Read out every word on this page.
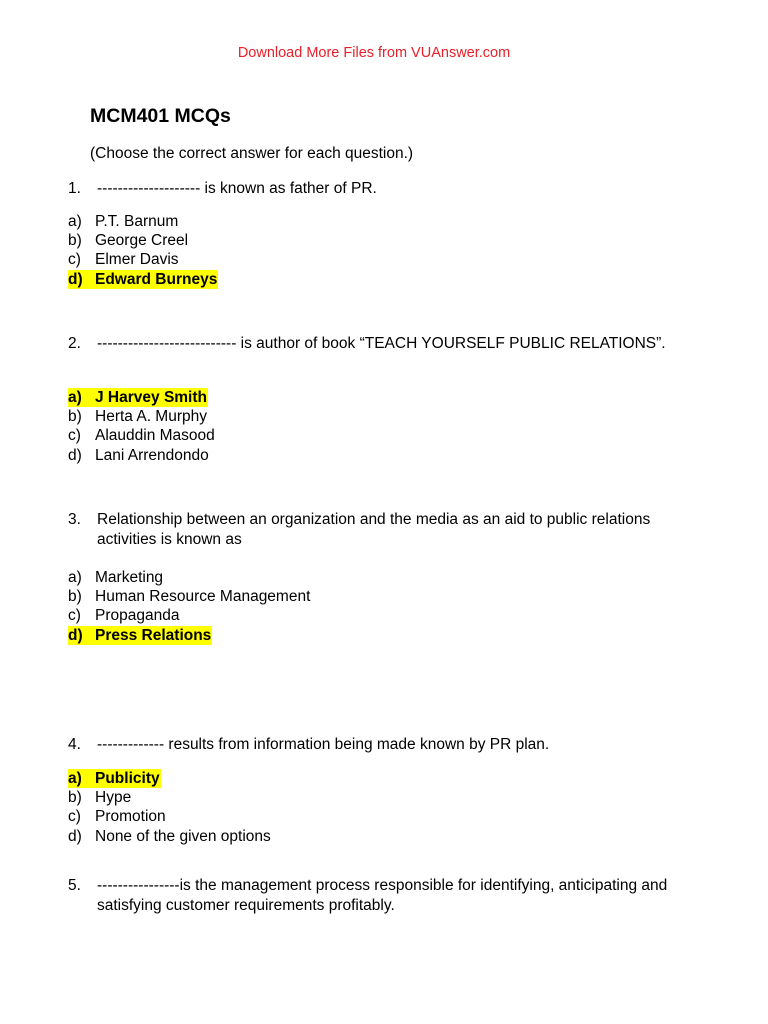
Download More Files from VUAnswer.com
MCM401 MCQs
(Choose the correct answer for each question.)
1.	-------------------- is known as father of PR.
a) P.T. Barnum
b) George Creel
c) Elmer Davis
d) Edward Burneys
2.	--------------------------- is author of book “TEACH YOURSELF PUBLIC RELATIONS”.
a) J Harvey Smith
b) Herta A. Murphy
c) Alauddin Masood
d) Lani Arrendondo
3.	Relationship between an organization and the media as an aid to public relations activities is known as
a) Marketing
b) Human Resource Management
c) Propaganda
d) Press Relations
4.	------------- results from information being made known by PR plan.
a) Publicity
b) Hype
c) Promotion
d) None of the given options
5.	----------------is the management process responsible for identifying, anticipating and satisfying customer requirements profitably.
